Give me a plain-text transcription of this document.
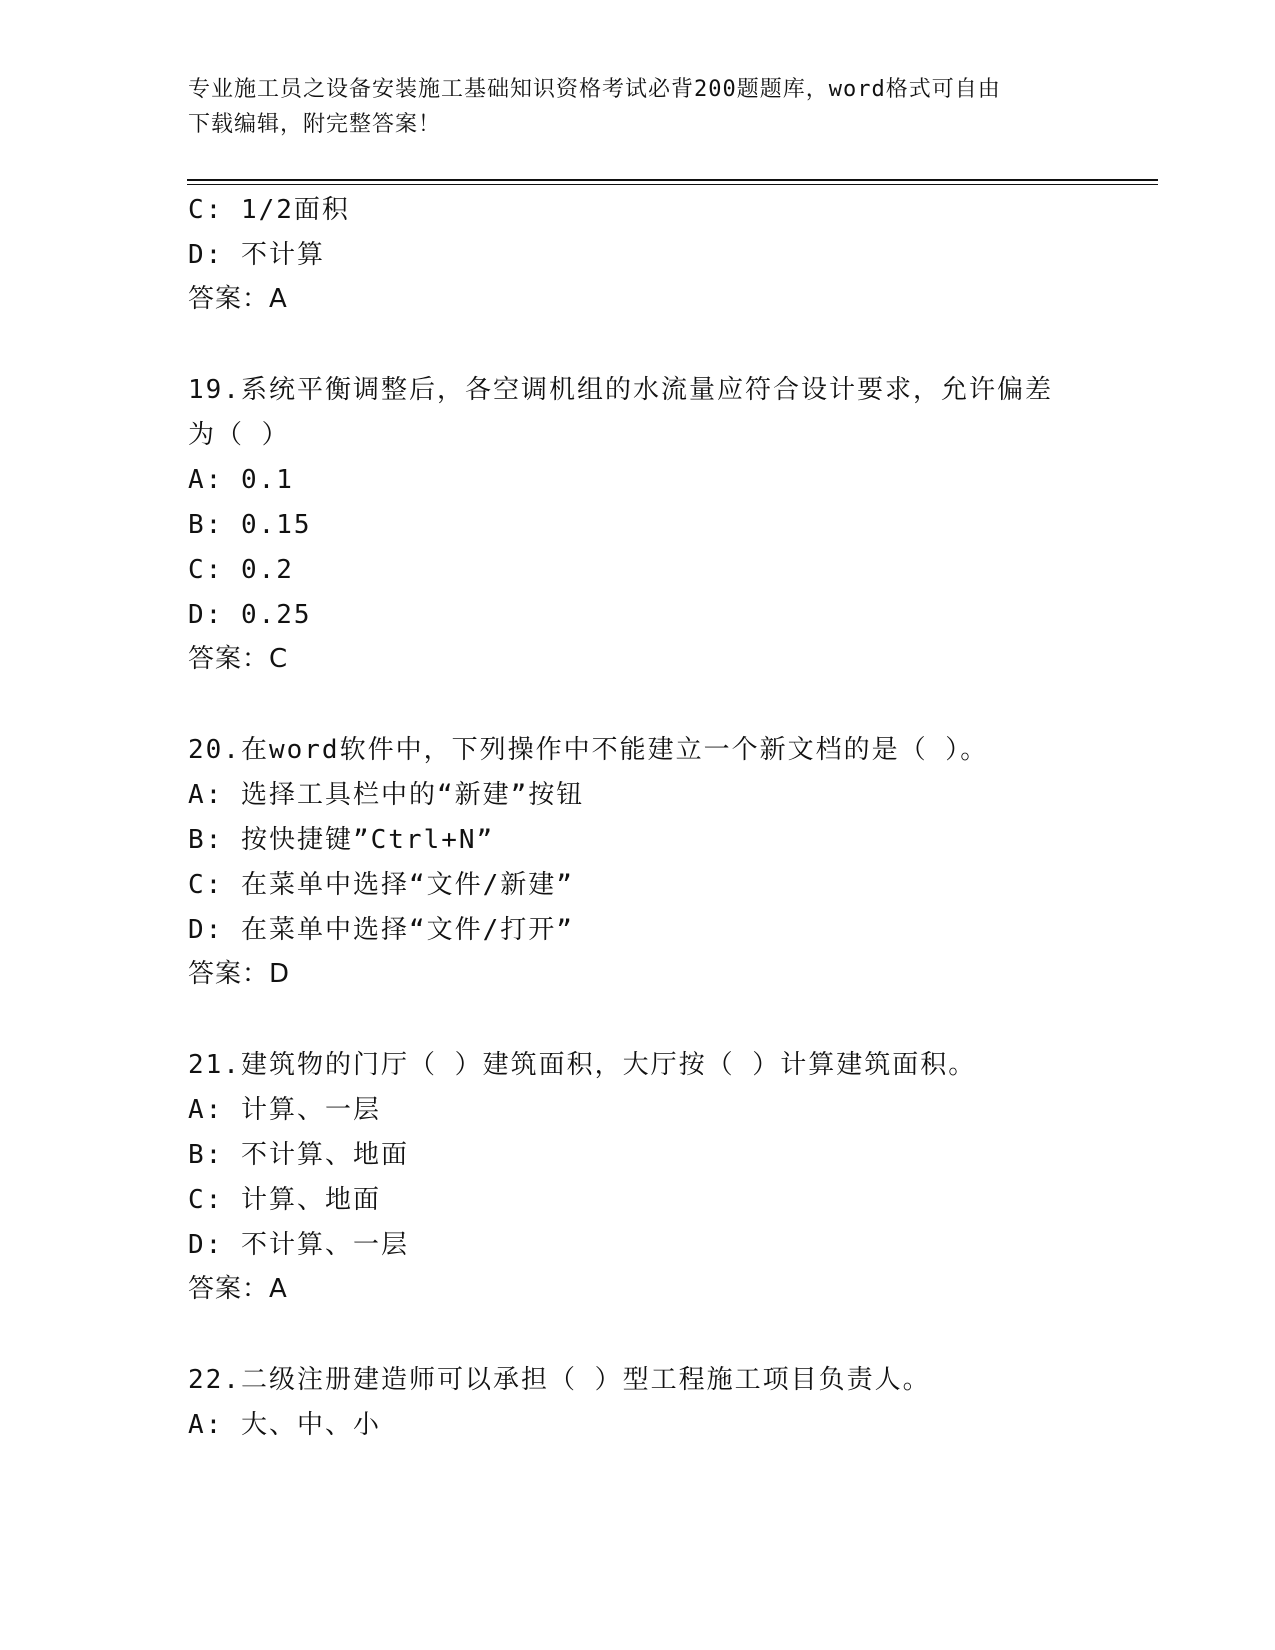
专业施工员之设备安装施工基础知识资格考试必背200题题库，word格式可自由
下载编辑，附完整答案！
C: 1/2面积
D: 不计算
答案：A
19.系统平衡调整后，各空调机组的水流量应符合设计要求，允许偏差
为（ ）
A: 0.1
B: 0.15
C: 0.2
D: 0.25
答案：C
20.在word软件中，下列操作中不能建立一个新文档的是（ ）。
A: 选择工具栏中的“新建”按钮
B: 按快捷键”Ctrl+N”
C: 在菜单中选择“文件/新建”
D: 在菜单中选择“文件/打开”
答案：D
21.建筑物的门厅（ ）建筑面积，大厅按（ ）计算建筑面积。
A: 计算、一层
B: 不计算、地面
C: 计算、地面
D: 不计算、一层
答案：A
22.二级注册建造师可以承担（ ）型工程施工项目负责人。
A: 大、中、小
